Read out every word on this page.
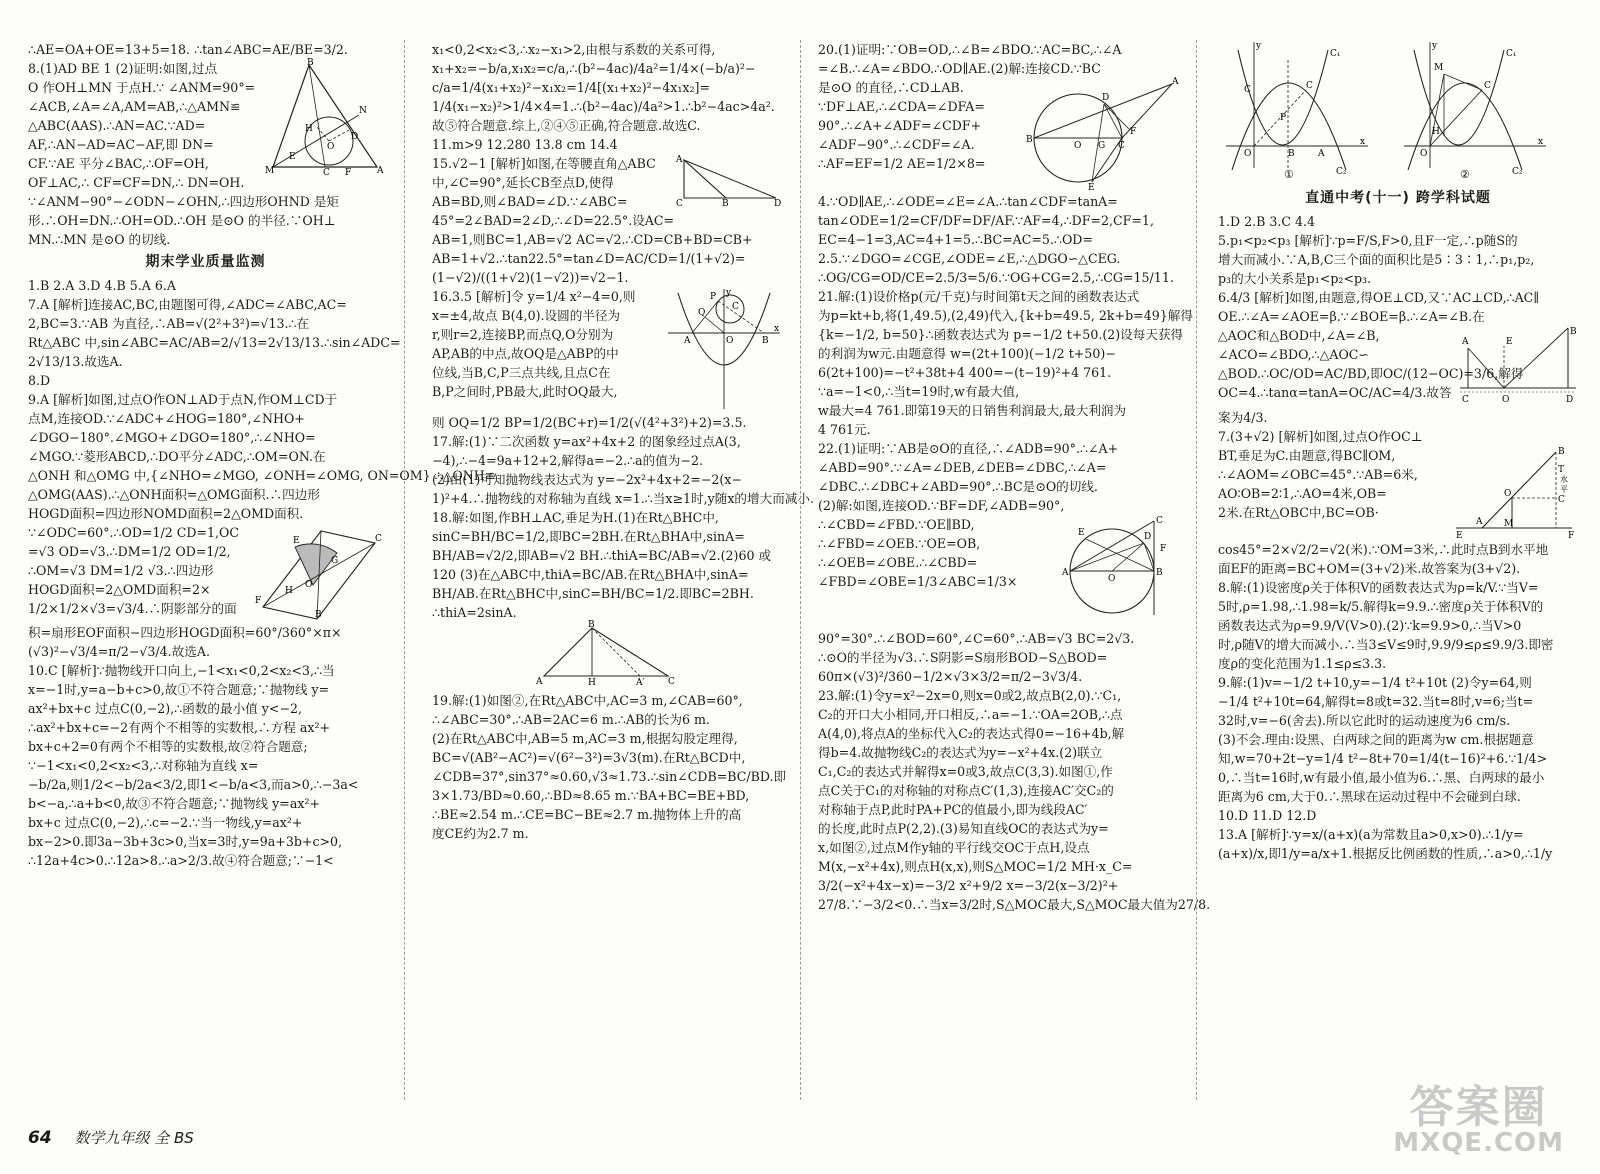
∴AE=OA+OE=13+5=18. ∴tan∠ABC=AE/BE=3/2.
B
M	A
N
H
O
E
C F
D
8.(1)AD BE 1 (2)证明:如图,过点
O 作OH⊥MN 于点H.∵ ∠ANM=90°=
∠ACB,∠A=∠A,AM=AB,∴△AMN≌
△ABC(AAS).∴AN=AC.∵AD=
AF,∴AN−AD=AC−AF,即 DN=
CF.∵AE 平分∠BAC,∴OF=OH,
OF⊥AC,∴ CF=CF=DN,∴ DN=OH.
∵∠ANM−90°−∠ODN−∠OHN,∴四边形OHND 是矩
形.∴OH=DN.∴OH=OD.∴OH 是⊙O 的半径.∵OH⊥
MN.∴MN 是⊙O 的切线.
期末学业质量监测
1.B 2.A 3.D 4.B 5.A 6.A
7.A [解析]连接AC,BC,由题图可得,∠ADC=∠ABC,AC=
2,BC=3.∵AB 为直径,∴AB=√(2²+3²)=√13.∴在
Rt△ABC 中,sin∠ABC=AC/AB=2/√13=2√13/13.∴sin∠ADC=
2√13/13.故选A.
8.D
9.A [解析]如图,过点O作ON⊥AD于点N,作OM⊥CD于
点M,连接OD.∵∠ADC+∠HOG=180°,∠NHO+
∠DGO−180°.∠MGO+∠DGO=180°,∴∠NHO=
∠MGO.∵菱形ABCD,∴DO平分∠ADC,∴OM=ON.在
△ONH 和△OMG 中,{∠NHO=∠MGO, ∠ONH=∠OMG, ON=OM} ∴△ONH≌
△OMG(AAS).∴△ONH面积=△OMG面积.∴四边形
HOGD面积=四边形NOMD面积=2△OMD面积.
E
F
C
B
O
H
G
∵∠ODC=60°.∴OD=1/2 CD=1,OC
=√3 OD=√3.∴DM=1/2 OD=1/2,
∴OM=√3 DM=1/2 √3.∴四边形
HOGD面积=2△OMD面积=2×
1/2×1/2×√3=√3/4.∴阴影部分的面
积=扇形EOF面积−四边形HOGD面积=60°/360°×π×
(√3)²−√3/4=π/2−√3/4.故选A.
10.C [解析]∵抛物线开口向上,−1<x₁<0,2<x₂<3,∴当
x=−1时,y=a−b+c>0,故①不符合题意;∵抛物线 y=
ax²+bx+c 过点C(0,−2),∴函数的最小值 y<−2,
∴ax²+bx+c=−2有两个不相等的实数根,∴方程 ax²+
bx+c+2=0有两个不相等的实数根,故②符合题意;
∵−1<x₁<0,2<x₂<3,∴对称轴为直线 x=
−b/2a,则1/2<−b/2a<3/2,即1<−b/a<3,而a>0,∴−3a<
b<−a,∴a+b<0,故③不符合题意;∵抛物线 y=ax²+
bx+c 过点C(0,−2),∴c=−2.∵当一物线,y=ax²+
bx−2>0.即3a−3b+3c>0,当x=3时,y=9a+3b+c>0,
∴12a+4c>0.∴12a>8.∴a>2/3.故④符合题意;∵−1<
x₁<0,2<x₂<3,∴x₂−x₁>2,由根与系数的关系可得,
x₁+x₂=−b/a,x₁x₂=c/a,∴(b²−4ac)/4a²=1/4×(−b/a)²−
c/a=1/4(x₁+x₂)²−x₁x₂=1/4[(x₁+x₂)²−4x₁x₂]=
1/4(x₁−x₂)²>1/4×4=1.∴(b²−4ac)/4a²>1.∴b²−4ac>4a².
故⑤符合题意.综上,②④⑤正确,符合题意.故选C.
11.m>9 12.280 13.8 cm 14.4
A
C	B	D
15.√2−1 [解析]如图,在等腰直角△ABC
中,∠C=90°,延长CB至点D,使得
AB=BD,则∠BAD=∠D.∵∠ABC=
45°=2∠BAD=2∠D,∴∠D=22.5°.设AC=
AB=1,则BC=1,AB=√2 AC=√2.∴CD=CB+BD=CB+
AB=1+√2.∴tan22.5°=tan∠D=AC/CD=1/(1+√2)=
(1−√2)/((1+√2)(1−√2))=√2−1.
P
C
Q
A	O	B
x
y
16.3.5 [解析]令 y=1/4 x²−4=0,则
x=±4,故点 B(4,0).设圆的半径为
r,则r=2,连接BP,而点Q,O分别为
AP,AB的中点,故OQ是△ABP的中
位线,当B,C,P三点共线,且点C在
B,P之间时,PB最大,此时OQ最大,
则 OQ=1/2 BP=1/2(BC+r)=1/2(√(4²+3²)+2)=3.5.
17.解:(1)∵二次函数 y=ax²+4x+2 的图象经过点A(3,
−4),∴−4=9a+12+2,解得a=−2.∴a的值为−2.
(2)由(1)可知抛物线表达式为 y=−2x²+4x+2=−2(x−
1)²+4.∴抛物线的对称轴为直线 x=1.∴当x≥1时,y随x的增大而减小.
18.解:如图,作BH⊥AC,垂足为H.(1)在Rt△BHC中,
sinC=BH/BC=1/2,即BC=2BH.在Rt△BHA中,sinA=
BH/AB=√2/2,即AB=√2 BH.∴thiA=BC/AB=√2.(2)60 或
120 (3)在△ABC中,thiA=BC/AB.在Rt△BHA中,sinA=
BH/AB.在Rt△BHC中,sinC=BH/BC=1/2.即BC=2BH.
∴thiA=2sinA.
B
A	H	A′	C
19.解:(1)如图②,在Rt△ABC中,AC=3 m,∠CAB=60°,
∴∠ABC=30°.∴AB=2AC=6 m.∴AB的长为6 m.
(2)在Rt△ABC中,AB=5 m,AC=3 m,根据勾股定理得,
BC=√(AB²−AC²)=√(6²−3²)=3√3(m).在Rt△BCD中,
∠CDB=37°,sin37°≈0.60,√3≈1.73.∴sin∠CDB=BC/BD.即
3×1.73/BD≈0.60,∴BD≈8.65 m.∵BA+BC=BE+BD,
∴BE≈2.54 m.∴CE=BC−BE≈2.7 m.抛物体上升的高
度CE约为2.7 m.
20.(1)证明:∵OB=OD,∴∠B=∠BDO.∵AC=BC,∴∠A
=∠B.∴∠A=∠BDO.∴OD∥AE.(2)解:连接CD.∵BC
B
A
D
O G C
F
E
是⊙O 的直径,∴CD⊥AB.
∵DF⊥AE,∴∠CDA=∠DFA=
90°.∴∠A+∠ADF=∠CDF+
∠ADF−90°.∴∠CDF=∠A.
∴AF=EF=1/2 AE=1/2×8=
4.∵OD∥AE,∴∠ODE=∠E=∠A.∴tan∠CDF=tanA=
tan∠ODE=1/2=CF/DF=DF/AF.∵AF=4,∴DF=2,CF=1,
EC=4−1=3,AC=4+1=5.∴BC=AC=5.∴OD=
2.5.∵∠DGO=∠CGE,∠ODE=∠E,∴△DGO∽△CEG.
∴OG/CG=OD/CE=2.5/3=5/6.∵OG+CG=2.5,∴CG=15/11.
21.解:(1)设价格p(元/千克)与时间第t天之间的函数表达式
为p=kt+b,将(1,49.5),(2,49)代入,{k+b=49.5, 2k+b=49}解得
{k=−1/2, b=50}∴函数表达式为 p=−1/2 t+50.(2)设每天获得
的利润为w元.由题意得 w=(2t+100)(−1/2 t+50)−
6(2t+100)=−t²+38t+4 400=−(t−19)²+4 761.
∵a=−1<0,∴当t=19时,w有最大值,
w最大=4 761.即第19天的日销售利润最大,最大利润为
4 761元.
22.(1)证明:∵AB是⊙O的直径,∴∠ADB=90°.∴∠A+
∠ABD=90°.∵∠A=∠DEB,∠DEB=∠DBC,∴∠A=
∠DBC.∴∠DBC+∠ABD=90°.∴BC是⊙O的切线.
(2)解:如图,连接OD.∵BF=DF,∠ADB=90°,
A	B
C
D
E
F
O
∴∠CBD=∠FBD.∵OE∥BD,
∴∠FBD=∠OEB.∵OE=OB,
∴∠OEB=∠OBE.∴∠CBD=
∠FBD=∠OBE=1/3∠ABC=1/3×
90°=30°.∴∠BOD=60°,∠C=60°.∴AB=√3 BC=2√3.
∴⊙O的半径为√3.∴S阴影=S扇形BOD−S△BOD=
60π×(√3)²/360−1/2×√3×3/2=π/2−3√3/4.
23.解:(1)令y=x²−2x=0,则x=0或2,故点B(2,0).∵C₁,
C₂的开口大小相同,开口相反,∴a=−1.∵OA=2OB,∴点
A(4,0),将点A的坐标代入C₂的表达式得0=−16+4b,解
得b=4.故抛物线C₂的表达式为y=−x²+4x.(2)联立
C₁,C₂的表达式并解得x=0或3,故点C(3,3).如图①,作
点C关于C₁的对称轴的对称点C′(1,3),连接AC′交C₂的
对称轴于点P,此时PA+PC的值最小,即为线段AC′
的长度,此时点P(2,2).(3)易知直线OC的表达式为y=
x,如图②,过点M作y轴的平行线交OC于点H,设点
M(x,−x²+4x),则点H(x,x),则S△MOC=1/2 MH·x_C=
3/2(−x²+4x−x)=−3/2 x²+9/2 x=−3/2(x−3/2)²+
27/8.∵−3/2<0.∴当x=3/2时,S△MOC最大,S△MOC最大值为27/8.
C	C
P
O	B	A
C₁
C₂
x
y
①
M
C
H
O
C₁
C₂
x
y
②
直通中考(十一) 跨学科试题
1.D 2.B 3.C 4.4
5.p₁<p₂<p₃ [解析]∵p=F/S,F>0,且F一定,∴p随S的
增大而减小.∵A,B,C三个面的面积比是5∶3∶1,∴p₁,p₂,
p₃的大小关系是p₁<p₂<p₃.
6.4/3 [解析]如图,由题意,得OE⊥CD,又∵AC⊥CD,∴AC∥
OE.∴∠A=∠AOE=β.∵∠BOE=β.∴∠A=∠B.在
A
B
C	O	D
E
△AOC和△BOD中,∠A=∠B,
∠ACO=∠BDO,∴△AOC∽
△BOD.∴OC/OD=AC/BD,即OC/(12−OC)=3/6,解得
OC=4.∴tanα=tanA=OC/AC=4/3.故答
案为4/3.
7.(3+√2) [解析]如图,过点O作OC⊥
B
T
A
O
C
M
E	F
水
平
BT,垂足为C.由题意,得BC∥OM,
∴∠AOM=∠OBC=45°.∵AB=6米,
AO∶OB=2∶1,∴AO=4米,OB=
2米.在Rt△OBC中,BC=OB·
cos45°=2×√2/2=√2(米).∵OM=3米,∴此时点B到水平地
面EF的距离=BC+OM=(3+√2)米.故答案为(3+√2).
8.解:(1)设密度ρ关于体积V的函数表达式为ρ=k/V.∵当V=
5时,ρ=1.98,∴1.98=k/5.解得k=9.9.∴密度ρ关于体积V的
函数表达式为ρ=9.9/V(V>0).(2)∵k=9.9>0,∴当V>0
时,ρ随V的增大而减小.∴当3≤V≤9时,9.9/9≤ρ≤9.9/3.即密
度ρ的变化范围为1.1≤ρ≤3.3.
9.解:(1)v=−1/2 t+10,y=−1/4 t²+10t (2)令y=64,则
−1/4 t²+10t=64,解得t=8或t=32.当t=8时,v=6;当t=
32时,v=−6(舍去).所以它此时的运动速度为6 cm/s.
(3)不会.理由:设黑、白两球之间的距离为w cm.根据题意
知,w=70+2t−y=1/4 t²−8t+70=1/4(t−16)²+6.∵1/4>
0,∴当t=16时,w有最小值,最小值为6.∴黑、白两球的最小
距离为6 cm,大于0.∴黑球在运动过程中不会碰到白球.
10.D 11.D 12.D
13.A [解析]∵y=x/(a+x)(a为常数且a>0,x>0).∴1/y=
(a+x)/x,即1/y=a/x+1.根据反比例函数的性质,∴a>0,∴1/y
64 数学九年级 全 BS
答案圈
MXQE.COM
